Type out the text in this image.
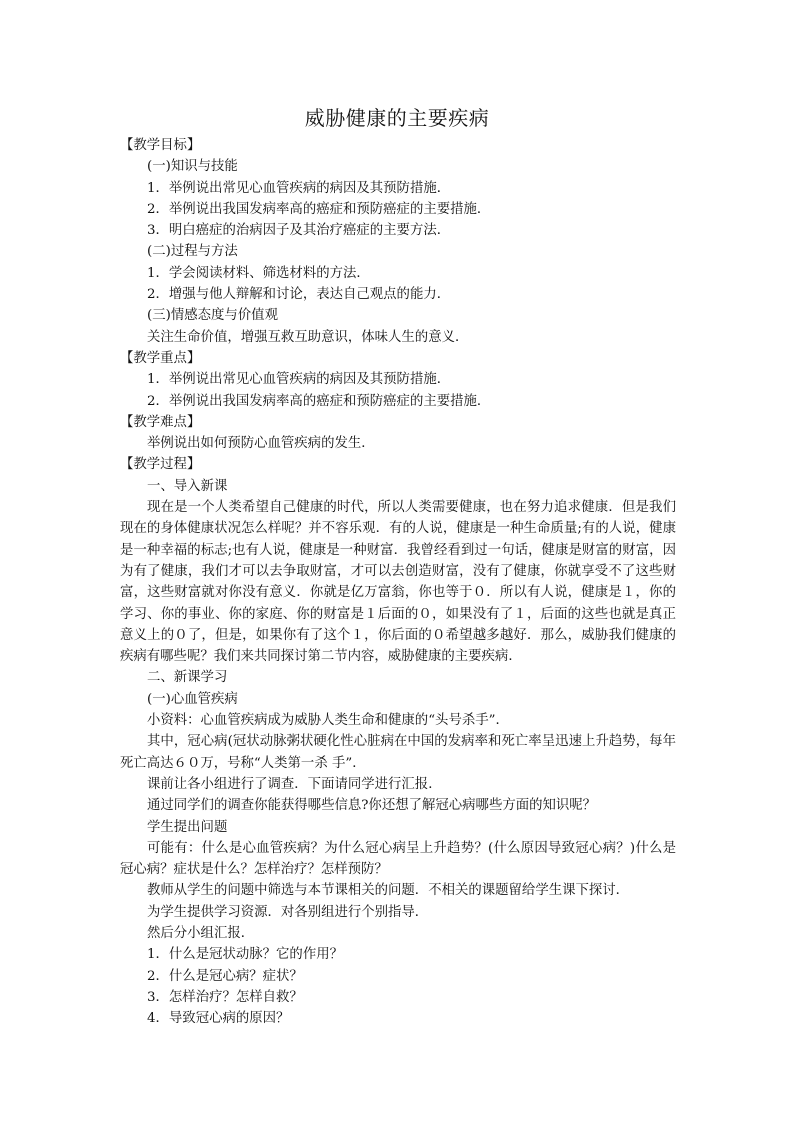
威胁健康的主要疾病
【教学目标】
(一)知识与技能
1．举例说出常见心血管疾病的病因及其预防措施．
2．举例说出我国发病率高的癌症和预防癌症的主要措施．
3．明白癌症的治病因子及其治疗癌症的主要方法．
(二)过程与方法
1．学会阅读材料、筛选材料的方法．
2．增强与他人辩解和讨论，表达自己观点的能力．
(三)情感态度与价值观
关注生命价值，增强互救互助意识，体味人生的意义．
【教学重点】
1．举例说出常见心血管疾病的病因及其预防措施．
2．举例说出我国发病率高的癌症和预防癌症的主要措施．
【教学难点】
举例说出如何预防心血管疾病的发生．
【教学过程】
一、导入新课
现在是一个人类希望自己健康的时代，所以人类需要健康，也在努力追求健康．但是我们现在的身体健康状况怎么样呢？并不容乐观．有的人说，健康是一种生命质量;有的人说，健康是一种幸福的标志;也有人说，健康是一种财富．我曾经看到过一句话，健康是财富的财富，因为有了健康，我们才可以去争取财富，才可以去创造财富，没有了健康，你就享受不了这些财富，这些财富就对你没有意义．你就是亿万富翁，你也等于０．所以有人说，健康是１，你的学习、你的事业、你的家庭、你的财富是１后面的０，如果没有了１，后面的这些也就是真正意义上的０了，但是，如果你有了这个１，你后面的０希望越多越好．那么，威胁我们健康的疾病有哪些呢？我们来共同探讨第二节内容，威胁健康的主要疾病．
二、新课学习
(一)心血管疾病
小资料：心血管疾病成为威胁人类生命和健康的“头号杀手”．
其中，冠心病(冠状动脉粥状硬化性心脏病在中国的发病率和死亡率呈迅速上升趋势，每年死亡高达６０万，号称“人类第一杀 手”．
课前让各小组进行了调查．下面请同学进行汇报．
通过同学们的调查你能获得哪些信息?你还想了解冠心病哪些方面的知识呢？
学生提出问题
可能有：什么是心血管疾病？为什么冠心病呈上升趋势？(什么原因导致冠心病？)什么是冠心病？症状是什么？怎样治疗？怎样预防？
教师从学生的问题中筛选与本节课相关的问题．不相关的课题留给学生课下探讨．
为学生提供学习资源．对各别组进行个别指导．
然后分小组汇报．
1．什么是冠状动脉？它的作用？
2．什么是冠心病？症状？
3．怎样治疗？怎样自救？
4．导致冠心病的原因？
